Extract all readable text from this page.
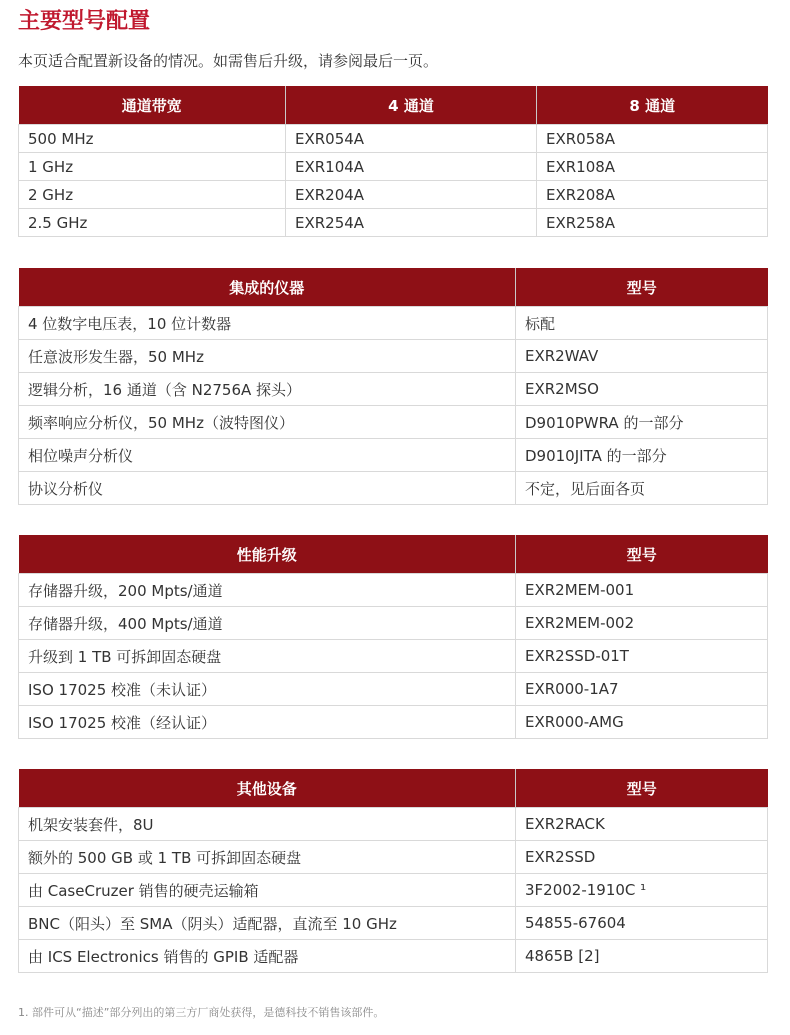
主要型号配置
本页适合配置新设备的情况。如需售后升级，请参阅最后一页。
通道带宽	4 通道	8 通道
500 MHz	EXR054A	EXR058A
1 GHz	EXR104A	EXR108A
2 GHz	EXR204A	EXR208A
2.5 GHz	EXR254A	EXR258A
集成的仪器	型号
4 位数字电压表，10 位计数器	标配
任意波形发生器，50 MHz	EXR2WAV
逻辑分析，16 通道（含 N2756A 探头）	EXR2MSO
频率响应分析仪，50 MHz（波特图仪）	D9010PWRA 的一部分
相位噪声分析仪	D9010JITA 的一部分
协议分析仪	不定，见后面各页
性能升级	型号
存储器升级，200 Mpts/通道	EXR2MEM-001
存储器升级，400 Mpts/通道	EXR2MEM-002
升级到 1 TB 可拆卸固态硬盘	EXR2SSD-01T
ISO 17025 校准（未认证）	EXR000-1A7
ISO 17025 校准（经认证）	EXR000-AMG
其他设备	型号
机架安装套件，8U	EXR2RACK
额外的 500 GB 或 1 TB 可拆卸固态硬盘	EXR2SSD
由 CaseCruzer 销售的硬壳运输箱	3F2002-1910C ¹
BNC（阳头）至 SMA（阴头）适配器，直流至 10 GHz	54855-67604
由 ICS Electronics 销售的 GPIB 适配器	4865B [2]
1. 部件可从“描述”部分列出的第三方厂商处获得，是德科技不销售该部件。
